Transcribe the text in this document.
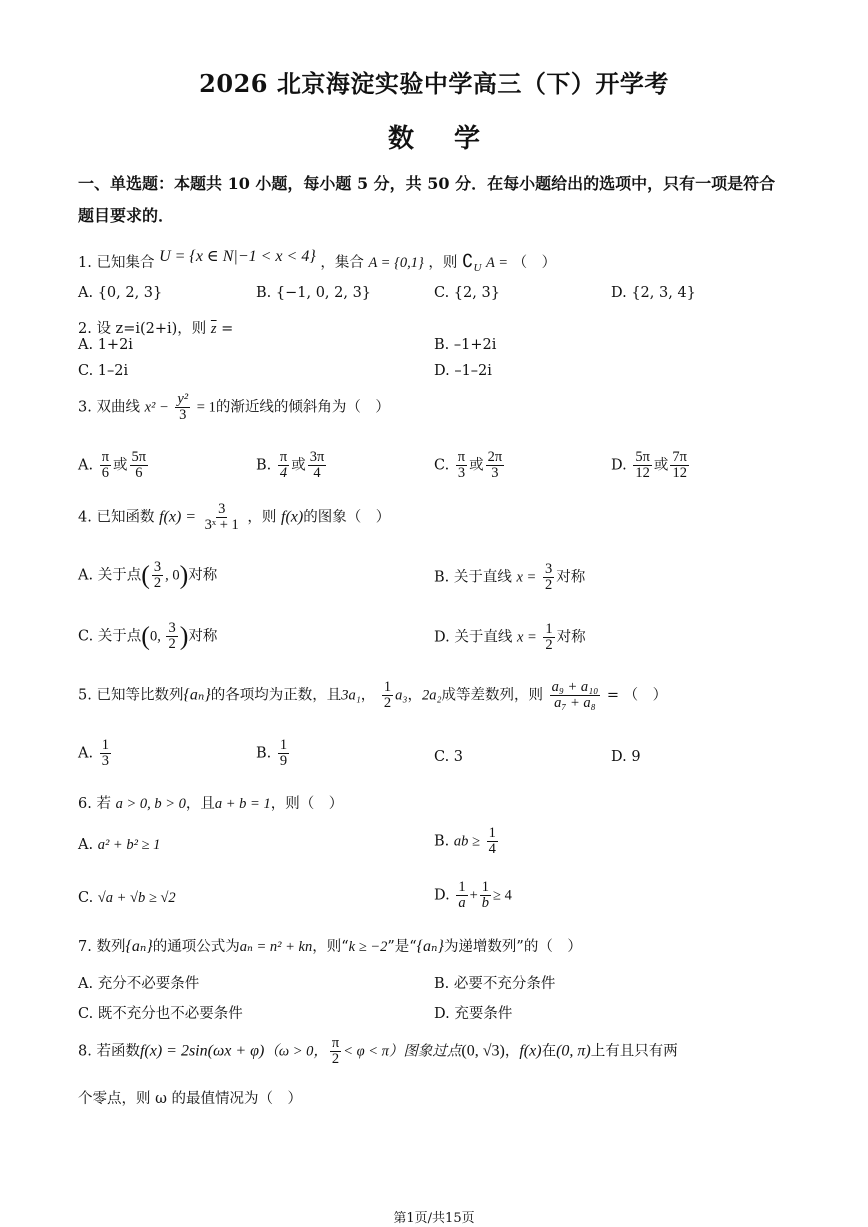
2026 北京海淀实验中学高三（下）开学考
数学
一、单选题：本题共 10 小题，每小题 5 分，共 50 分．在每小题给出的选项中，只有一项是符合题目要求的．
1. 已知集合 U = {x ∈ N|−1 < x < 4} ，集合 A = {0,1} ，则 $∁_U$ A = （　）
A. {0, 2, 3}	B. {−1, 0, 2, 3}	C. {2, 3}	D. {2, 3, 4}
2. 设 z=i(2+i)，则 $\overline{z}$ =
A. 1+2i	B. –1+2i
C. 1–2i	D. –1–2i
3. 双曲线 $x^2 - \frac{\text{y²}}{3} = 1$的渐近线的倾斜角为（　）
A. $\frac{\pi}{6}$ 或 $\frac{5\pi}{6}$	B. $\frac{\pi}{4}$ 或 $\frac{3\pi}{4}$	C. $\frac{\pi}{3}$ 或 $\frac{2\pi}{3}$	D. $\frac{5\pi}{12}$ 或 $\frac{7\pi}{12}$
4. 已知函数 $f(x) = \frac{3}{\text{3ˣ + 1}}$ ，则 f(x)的图象（　）
A. 关于点( $\frac{3}{2}$ , 0)对称	B. 关于直线 $x = \frac{3}{2}$ 对称
C. 关于点(0, $\frac{3}{2}$ )对称	D. 关于直线 $x = \frac{1}{2}$ 对称
5. 已知等比数列{aₙ}的各项均为正数，且3a₁， $\frac{1}{2} a_3$，2a₂成等差数列，则 $\frac{\text{a₉ + a₁₀}}{\text{a₇ + a₈}}$ = （　）
A. $\frac{1}{3}$	B. $\frac{1}{9}$	C. 3	D. 9
6. 若 a > 0, b > 0，且a + b = 1，则（　）
A. a² + b² ≥ 1	B. ab ≥ $\frac{1}{4}$
C. √a + √b ≥ √2	D. $\frac{1}{a} + \frac{1}{b} \ge 4$
7. 数列{aₙ}的通项公式为aₙ = n² + kn，则“k ≥ −2”是“{aₙ}为递增数列”的（　）
A. 充分不必要条件	B. 必要不充分条件
C. 既不充分也不必要条件	D. 充要条件
8. 若函数f(x) = 2sin(ωx + φ)（ω > 0， $\frac{\pi}{2} < \varphi < \pi$）图象过点(0, √3)，f(x)在(0, π)上有且只有两
个零点，则 ω 的最值情况为（　）
第1页/共15页
